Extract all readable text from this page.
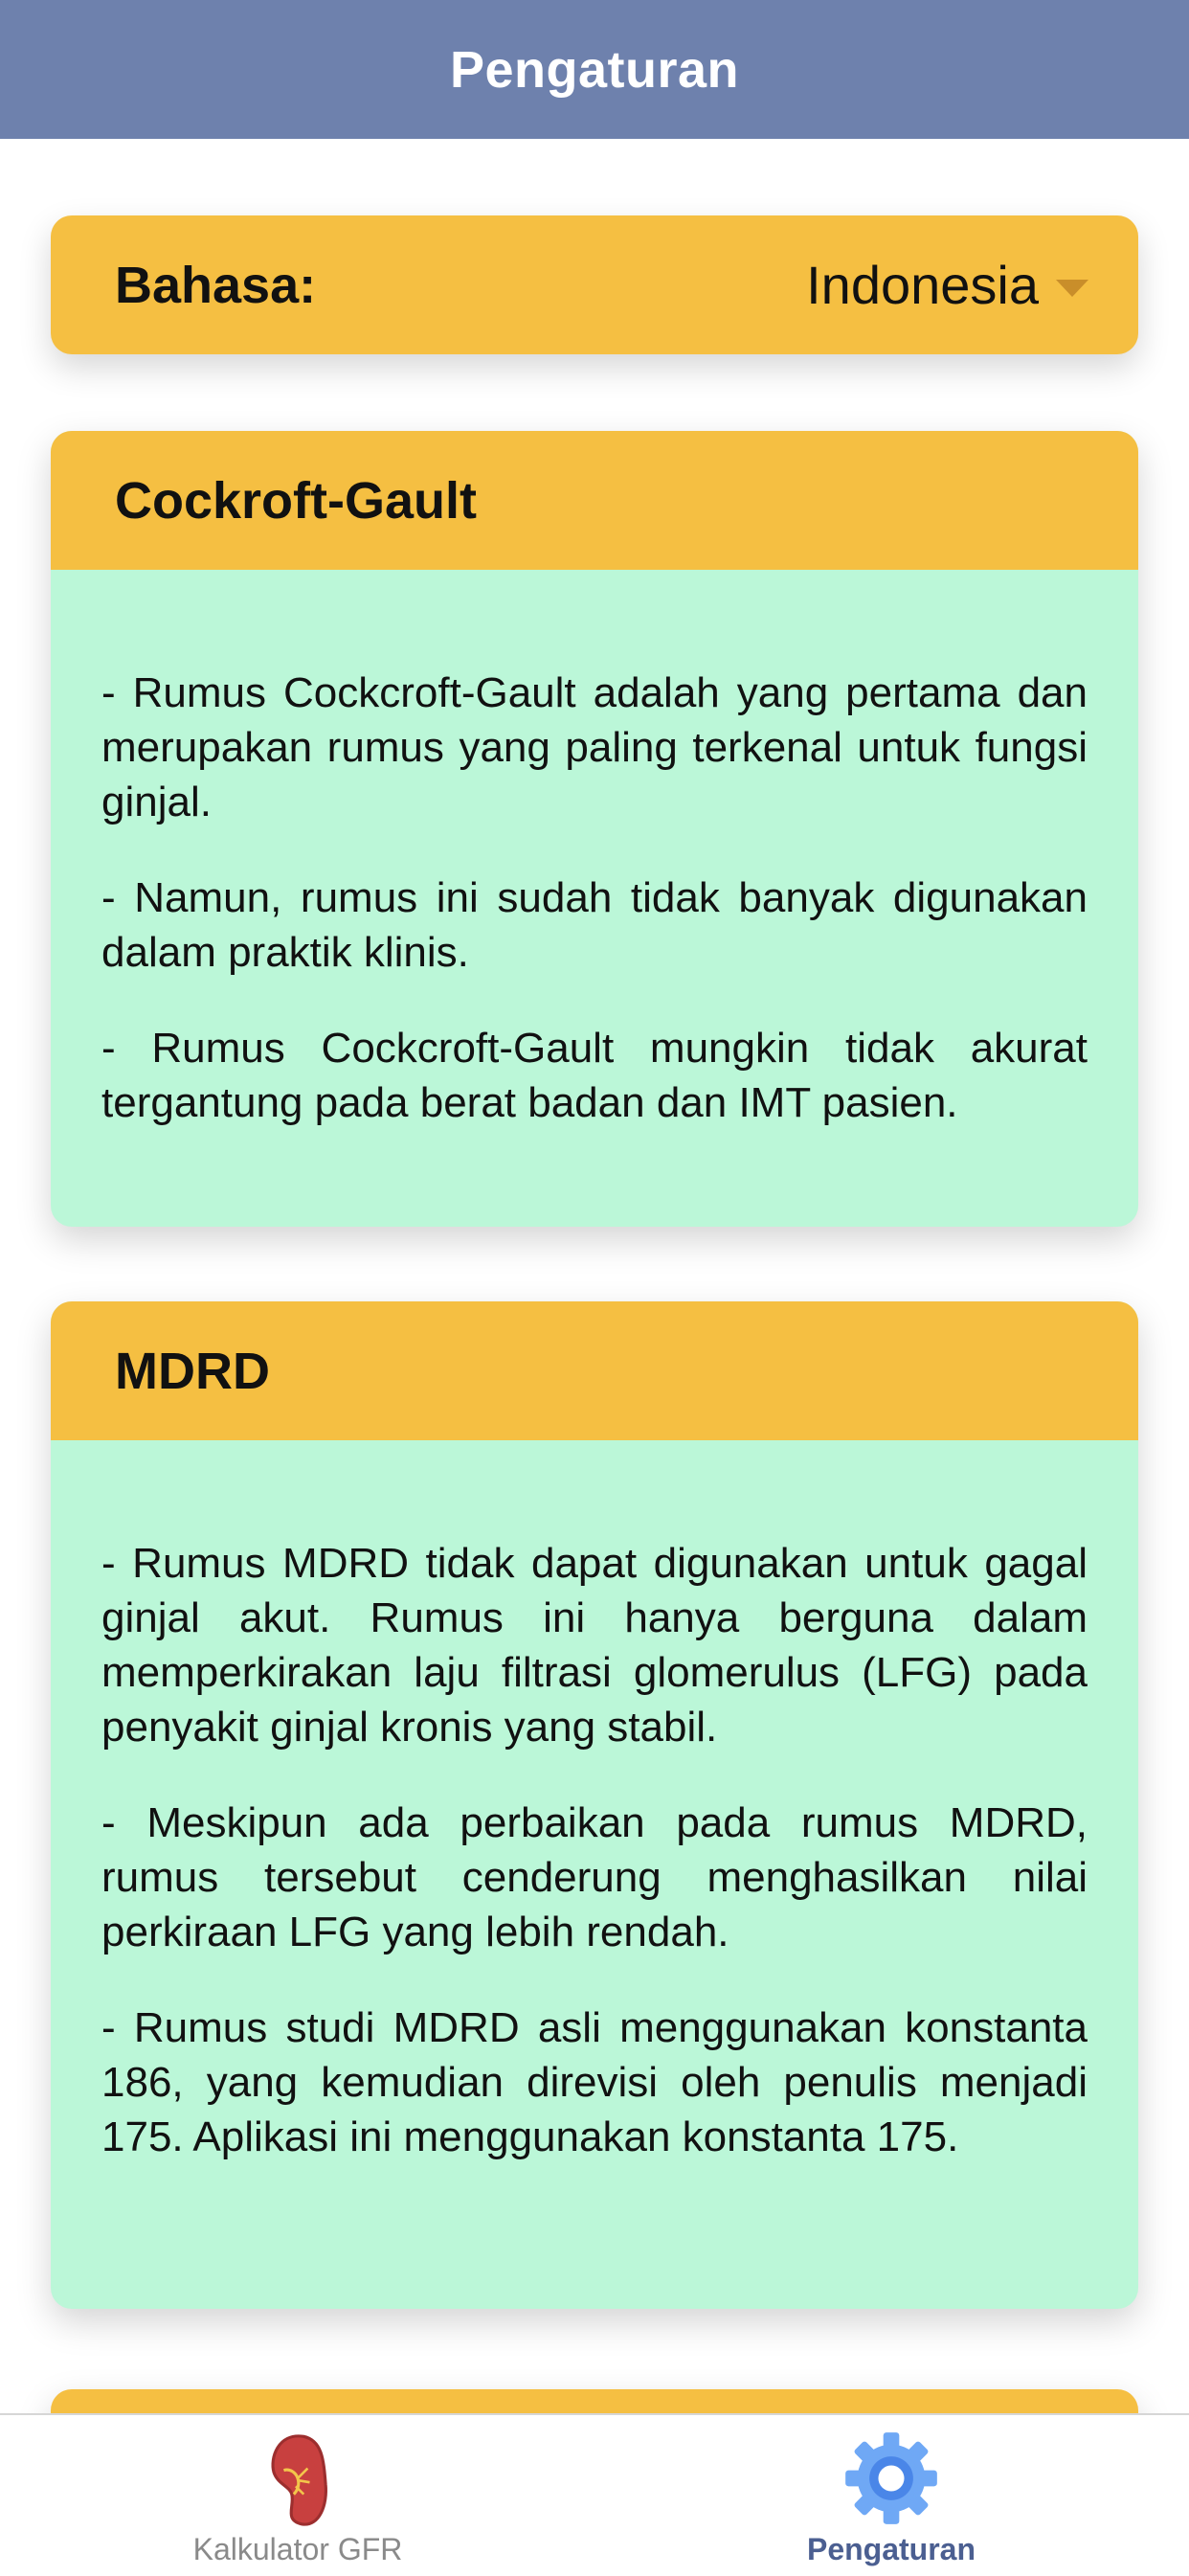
Pengaturan
Bahasa:	Indonesia
Cockroft-Gault

- Rumus Cockcroft-Gault adalah yang pertama dan merupakan rumus yang paling terkenal untuk fungsi ginjal.

- Namun, rumus ini sudah tidak banyak digunakan dalam praktik klinis.

- Rumus Cockcroft-Gault mungkin tidak akurat tergantung pada berat badan dan IMT pasien.

MDRD

- Rumus MDRD tidak dapat digunakan untuk gagal ginjal akut. Rumus ini hanya berguna dalam memperkirakan laju filtrasi glomerulus (LFG) pada penyakit ginjal kronis yang stabil.

- Meskipun ada perbaikan pada rumus MDRD, rumus tersebut cenderung menghasilkan nilai perkiraan LFG yang lebih rendah.

- Rumus studi MDRD asli menggunakan konstanta 186, yang kemudian direvisi oleh penulis menjadi 175. Aplikasi ini menggunakan konstanta 175.

Kalkulator GFR	Pengaturan
